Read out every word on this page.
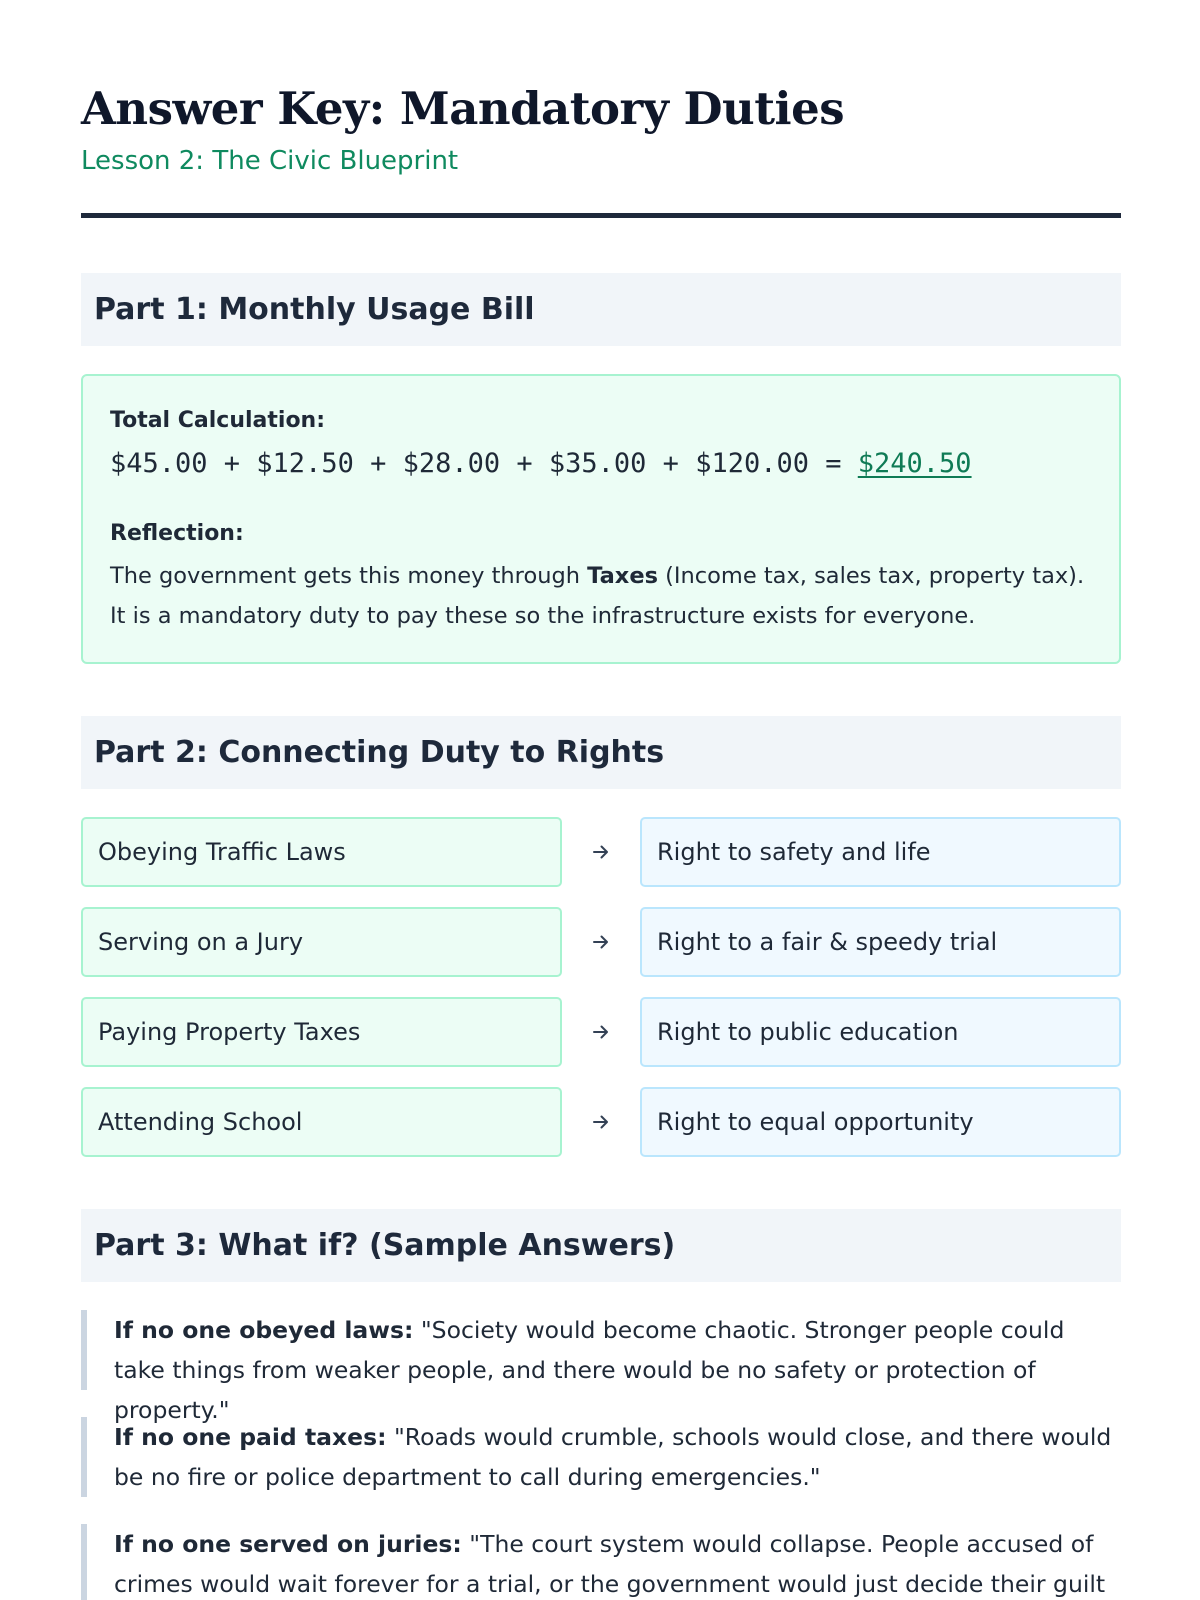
Answer Key: Mandatory Duties
Lesson 2: The Civic Blueprint
Part 1: Monthly Usage Bill
Total Calculation:
$45.00 + $12.50 + $28.00 + $35.00 + $120.00 = $240.50
Reflection:

The government gets this money through Taxes (Income tax, sales tax, property tax). It is a mandatory duty to pay these so the infrastructure exists for everyone.

Part 2: Connecting Duty to Rights
Obeying Traffic Laws	Right to safety and life
Serving on a Jury	Right to a fair & speedy trial
Paying Property Taxes	Right to public education
Attending School	Right to equal opportunity
Part 3: What if? (Sample Answers)

If no one obeyed laws: "Society would become chaotic. Stronger people could take things from weaker people, and there would be no safety or protection of property."

If no one paid taxes: "Roads would crumble, schools would close, and there would be no fire or police department to call during emergencies."

If no one served on juries: "The court system would collapse. People accused of crimes would wait forever for a trial, or the government would just decide their guilt
